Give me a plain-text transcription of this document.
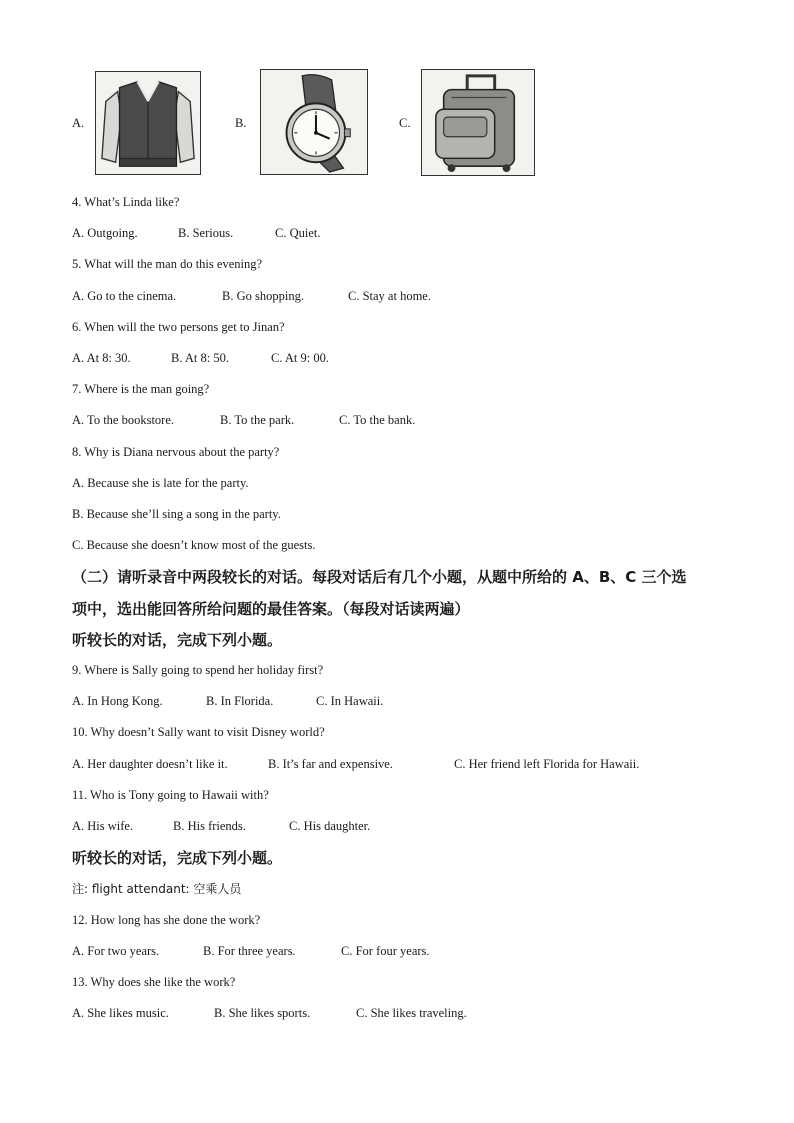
A.	B.	C.
4. What’s Linda like?
A. Outgoing.	B. Serious.	C. Quiet.
5. What will the man do this evening?
A. Go to the cinema.	B. Go shopping.	C. Stay at home.
6. When will the two persons get to Jinan?
A. At 8: 30.	B. At 8: 50.	C. At 9: 00.
7. Where is the man going?
A. To the bookstore.	B. To the park.	C. To the bank.
8. Why is Diana nervous about the party?
A. Because she is late for the party.
B. Because she’ll sing a song in the party.
C. Because she doesn’t know most of the guests.
（二）请听录音中两段较长的对话。每段对话后有几个小题，从题中所给的 A、B、C 三个选
项中，选出能回答所给问题的最佳答案。（每段对话读两遍）
听较长的对话，完成下列小题。
9. Where is Sally going to spend her holiday first?
A. In Hong Kong.	B. In Florida.	C. In Hawaii.
10. Why doesn’t Sally want to visit Disney world?
A. Her daughter doesn’t like it.	B. It’s far and expensive.	C. Her friend left Florida for Hawaii.
11. Who is Tony going to Hawaii with?
A. His wife.	B. His friends.	C. His daughter.
听较长的对话，完成下列小题。
注: flight attendant: 空乘人员
12. How long has she done the work?
A. For two years.	B. For three years.	C. For four years.
13. Why does she like the work?
A. She likes music.	B. She likes sports.	C. She likes traveling.
